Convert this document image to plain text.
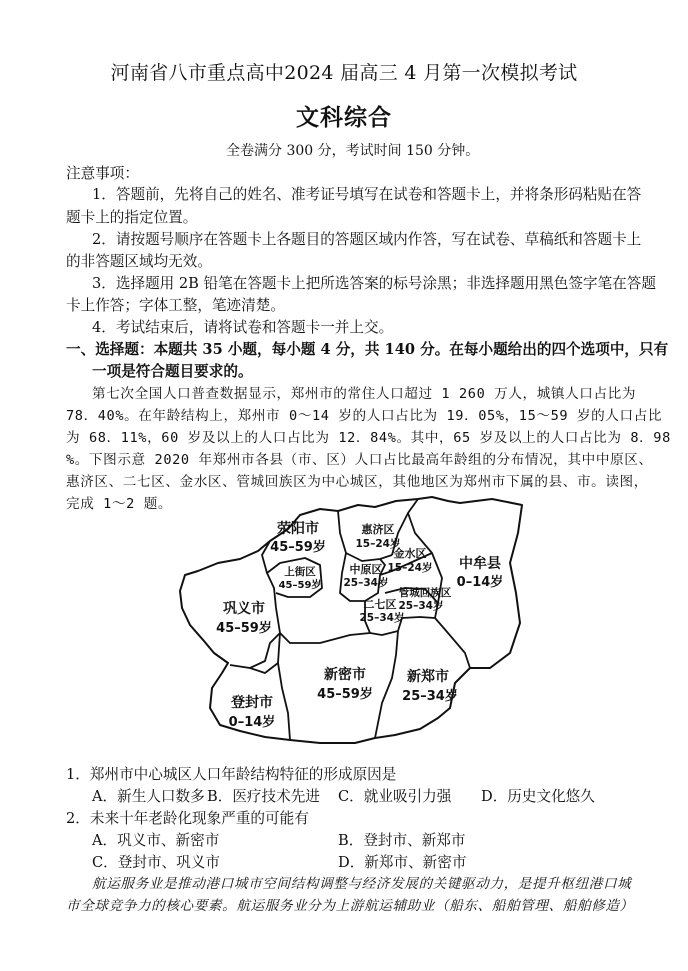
河南省八市重点高中2024 届高三 4 月第一次模拟考试
文科综合
全卷满分 300 分，考试时间 150 分钟。
注意事项：
1．答题前，先将自己的姓名、准考证号填写在试卷和答题卡上，并将条形码粘贴在答
题卡上的指定位置。
2．请按题号顺序在答题卡上各题目的答题区域内作答，写在试卷、草稿纸和答题卡上
的非答题区域均无效。
3．选择题用 2B 铅笔在答题卡上把所选答案的标号涂黑；非选择题用黑色签字笔在答题
卡上作答；字体工整，笔迹清楚。
4．考试结束后，请将试卷和答题卡一并上交。
一、选择题：本题共 35 小题，每小题 4 分，共 140 分。在每小题给出的四个选项中，只有
一项是符合题目要求的。
第七次全国人口普查数据显示，郑州市的常住人口超过 1 260 万人，城镇人口占比为
78．40%。在年龄结构上，郑州市 0～14 岁的人口占比为 19．05%，15～59 岁的人口占比
为 68．11%，60 岁及以上的人口占比为 12．84%。其中，65 岁及以上的人口占比为 8．98
%。下图示意 2020 年郑州市各县（市、区）人口占比最高年龄组的分布情况，其中中原区、
惠济区、二七区、金水区、管城回族区为中心城区，其他地区为郑州市下属的县、市。读图，
完成 1～2 题。
荥阳市
45–59岁
惠济区
15–24岁
金水区
15–24岁
上街区
45–59岁
中原区
25–34岁
中牟县
0–14岁
管城回族区
25–34岁
二七区
25–34岁
巩义市
45–59岁
新密市
45–59岁
新郑市
25–34岁
登封市
0–14岁
1．郑州市中心城区人口年龄结构特征的形成原因是
A．新生人口数多 B．医疗技术先进 C．就业吸引力强 D．历史文化悠久
2．未来十年老龄化现象严重的可能有
A．巩义市、新密市	B．登封市、新郑市
C．登封市、巩义市	D．新郑市、新密市
航运服务业是推动港口城市空间结构调整与经济发展的关键驱动力，是提升枢纽港口城
市全球竞争力的核心要素。航运服务业分为上游航运辅助业（船东、船舶管理、船舶修造）
